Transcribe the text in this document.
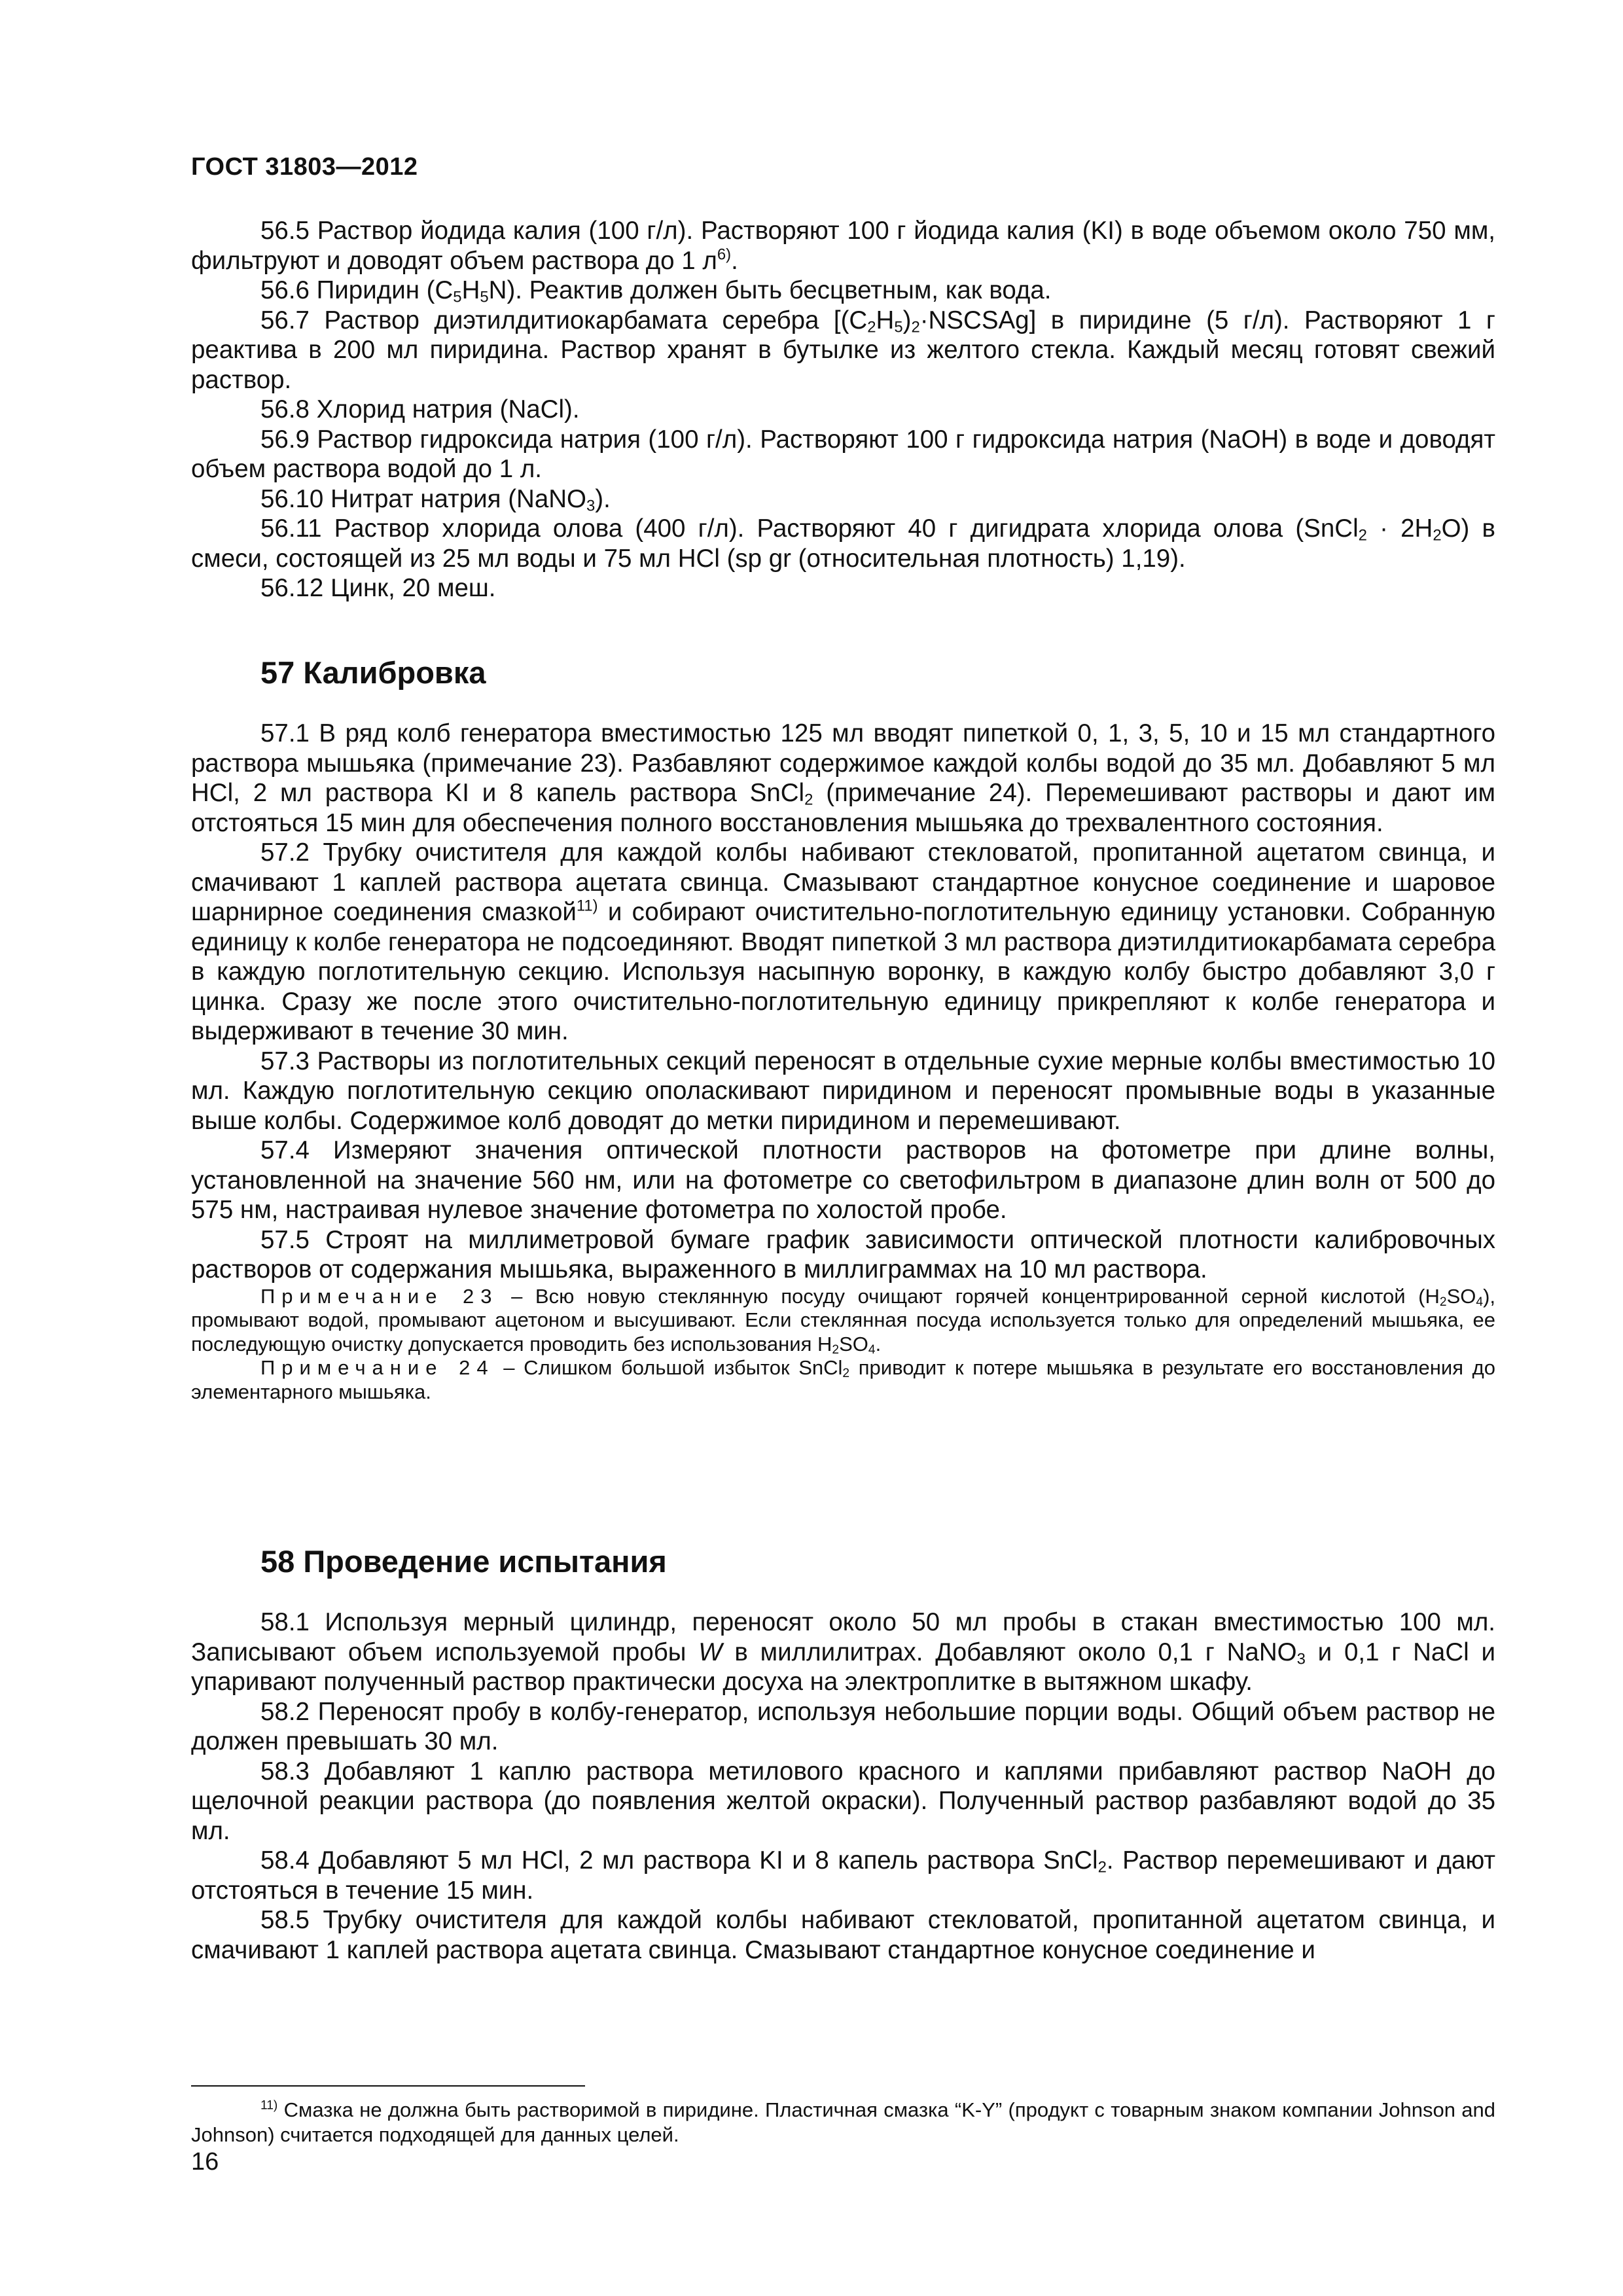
ГОСТ 31803—2012

56.5 Раствор йодида калия (100 г/л). Растворяют 100 г йодида калия (KI) в воде объемом около 750 мм, фильтруют и доводят объем раствора до 1 $л^{6)}$.

56.6 Пиридин $(C_5H_5N)$. Реактив должен быть бесцветным, как вода.

56.7 Раствор диэтилдитиокарбамата серебра $[(C_2H_5)_2\cdot NSCSAg]$ в пиридине (5 г/л). Растворяют 1 г реактива в 200 мл пиридина. Раствор хранят в бутылке из желтого стекла. Каждый месяц готовят свежий раствор.

56.8 Хлорид натрия (NaCl).

56.9 Раствор гидроксида натрия (100 г/л). Растворяют 100 г гидроксида натрия (NaOH) в воде и доводят объем раствора водой до 1 л.

56.10 Нитрат натрия (NaNO$_3$).

56.11 Раствор хлорида олова (400 г/л). Растворяют 40 г дигидрата хлорида олова (SnCl$_2$ · $2H_2O$) в смеси, состоящей из 25 мл воды и 75 мл HCl (sp gr (относительная плотность) 1,19).

56.12 Цинк, 20 меш.

57 Калибровка

57.1 В ряд колб генератора вместимостью 125 мл вводят пипеткой 0, 1, 3, 5, 10 и 15 мл стандартного раствора мышьяка (примечание 23). Разбавляют содержимое каждой колбы водой до 35 мл. Добавляют 5 мл HCl, 2 мл раствора KI и 8 капель раствора SnCl$_2$ (примечание 24). Перемешивают растворы и дают им отстояться 15 мин для обеспечения полного восстановления мышьяка до трехвалентного состояния.

57.2 Трубку очистителя для каждой колбы набивают стекловатой, пропитанной ацетатом свинца, и смачивают 1 каплей раствора ацетата свинца. Смазывают стандартное конусное соединение и шаровое шарнирное соединения смазкой$^{11)}$ и собирают очистительно-поглотительную единицу установки. Собранную единицу к колбе генератора не подсоединяют. Вводят пипеткой 3 мл раствора диэтилдитиокарбамата серебра в каждую поглотительную секцию. Используя насыпную воронку, в каждую колбу быстро добавляют 3,0 г цинка. Сразу же после этого очистительно-поглотительную единицу прикрепляют к колбе генератора и выдерживают в течение 30 мин.

57.3 Растворы из поглотительных секций переносят в отдельные сухие мерные колбы вместимостью 10 мл. Каждую поглотительную секцию ополаскивают пиридином и переносят промывные воды в указанные выше колбы. Содержимое колб доводят до метки пиридином и перемешивают.

57.4 Измеряют значения оптической плотности растворов на фотометре при длине волны, установленной на значение 560 нм, или на фотометре со светофильтром в диапазоне длин волн от 500 до 575 нм, настраивая нулевое значение фотометра по холостой пробе.

57.5 Строят на миллиметровой бумаге график зависимости оптической плотности калибровочных растворов от содержания мышьяка, выраженного в миллиграммах на 10 мл раствора.

Примечание 23 – Всю новую стеклянную посуду очищают горячей концентрированной серной кислотой $(H_2SO_4)$, промывают водой, промывают ацетоном и высушивают. Если стеклянная посуда используется только для определений мышьяка, ее последующую очистку допускается проводить без использования $H_2SO_4$.

Примечание 24 – Слишком большой избыток SnCl$_2$ приводит к потере мышьяка в результате его восстановления до элементарного мышьяка.

58 Проведение испытания

58.1 Используя мерный цилиндр, переносят около 50 мл пробы в стакан вместимостью 100 мл. Записывают объем используемой пробы W в миллилитрах. Добавляют около 0,1 г NaNO$_3$ и 0,1 г NaCl и упаривают полученный раствор практически досуха на электроплитке в вытяжном шкафу.

58.2 Переносят пробу в колбу-генератор, используя небольшие порции воды. Общий объем раствор не должен превышать 30 мл.

58.3 Добавляют 1 каплю раствора метилового красного и каплями прибавляют раствор NaOH до щелочной реакции раствора (до появления желтой окраски). Полученный раствор разбавляют водой до 35 мл.

58.4 Добавляют 5 мл HCl, 2 мл раствора KI и 8 капель раствора SnCl$_2$. Раствор перемешивают и дают отстояться в течение 15 мин.

58.5 Трубку очистителя для каждой колбы набивают стекловатой, пропитанной ацетатом свинца, и смачивают 1 каплей раствора ацетата свинца. Смазывают стандартное конусное соединение и

$^{11)}$ Смазка не должна быть растворимой в пиридине. Пластичная смазка “K-Y” (продукт с товарным знаком компании Johnson and Johnson) считается подходящей для данных целей.
16
